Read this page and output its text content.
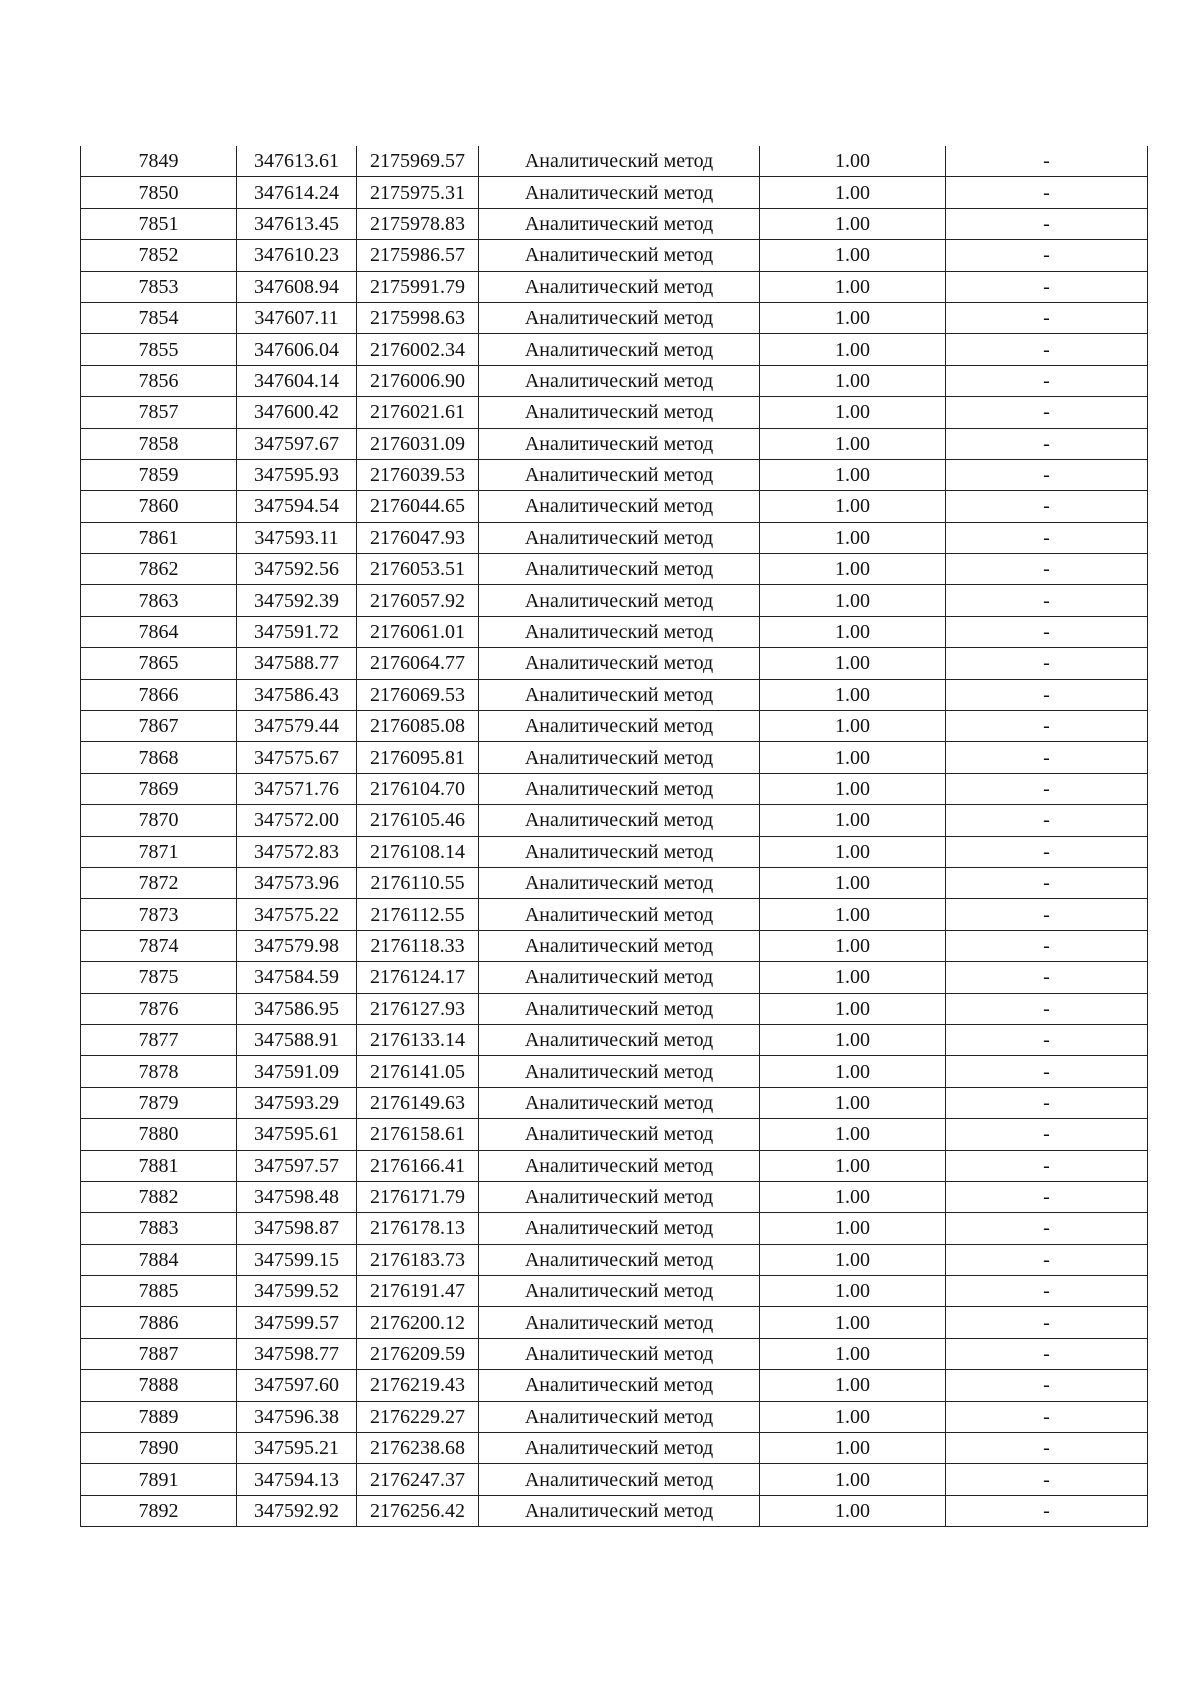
7849	347613.61	2175969.57	Аналитический метод	1.00	-
7850	347614.24	2175975.31	Аналитический метод	1.00	-
7851	347613.45	2175978.83	Аналитический метод	1.00	-
7852	347610.23	2175986.57	Аналитический метод	1.00	-
7853	347608.94	2175991.79	Аналитический метод	1.00	-
7854	347607.11	2175998.63	Аналитический метод	1.00	-
7855	347606.04	2176002.34	Аналитический метод	1.00	-
7856	347604.14	2176006.90	Аналитический метод	1.00	-
7857	347600.42	2176021.61	Аналитический метод	1.00	-
7858	347597.67	2176031.09	Аналитический метод	1.00	-
7859	347595.93	2176039.53	Аналитический метод	1.00	-
7860	347594.54	2176044.65	Аналитический метод	1.00	-
7861	347593.11	2176047.93	Аналитический метод	1.00	-
7862	347592.56	2176053.51	Аналитический метод	1.00	-
7863	347592.39	2176057.92	Аналитический метод	1.00	-
7864	347591.72	2176061.01	Аналитический метод	1.00	-
7865	347588.77	2176064.77	Аналитический метод	1.00	-
7866	347586.43	2176069.53	Аналитический метод	1.00	-
7867	347579.44	2176085.08	Аналитический метод	1.00	-
7868	347575.67	2176095.81	Аналитический метод	1.00	-
7869	347571.76	2176104.70	Аналитический метод	1.00	-
7870	347572.00	2176105.46	Аналитический метод	1.00	-
7871	347572.83	2176108.14	Аналитический метод	1.00	-
7872	347573.96	2176110.55	Аналитический метод	1.00	-
7873	347575.22	2176112.55	Аналитический метод	1.00	-
7874	347579.98	2176118.33	Аналитический метод	1.00	-
7875	347584.59	2176124.17	Аналитический метод	1.00	-
7876	347586.95	2176127.93	Аналитический метод	1.00	-
7877	347588.91	2176133.14	Аналитический метод	1.00	-
7878	347591.09	2176141.05	Аналитический метод	1.00	-
7879	347593.29	2176149.63	Аналитический метод	1.00	-
7880	347595.61	2176158.61	Аналитический метод	1.00	-
7881	347597.57	2176166.41	Аналитический метод	1.00	-
7882	347598.48	2176171.79	Аналитический метод	1.00	-
7883	347598.87	2176178.13	Аналитический метод	1.00	-
7884	347599.15	2176183.73	Аналитический метод	1.00	-
7885	347599.52	2176191.47	Аналитический метод	1.00	-
7886	347599.57	2176200.12	Аналитический метод	1.00	-
7887	347598.77	2176209.59	Аналитический метод	1.00	-
7888	347597.60	2176219.43	Аналитический метод	1.00	-
7889	347596.38	2176229.27	Аналитический метод	1.00	-
7890	347595.21	2176238.68	Аналитический метод	1.00	-
7891	347594.13	2176247.37	Аналитический метод	1.00	-
7892	347592.92	2176256.42	Аналитический метод	1.00	-
